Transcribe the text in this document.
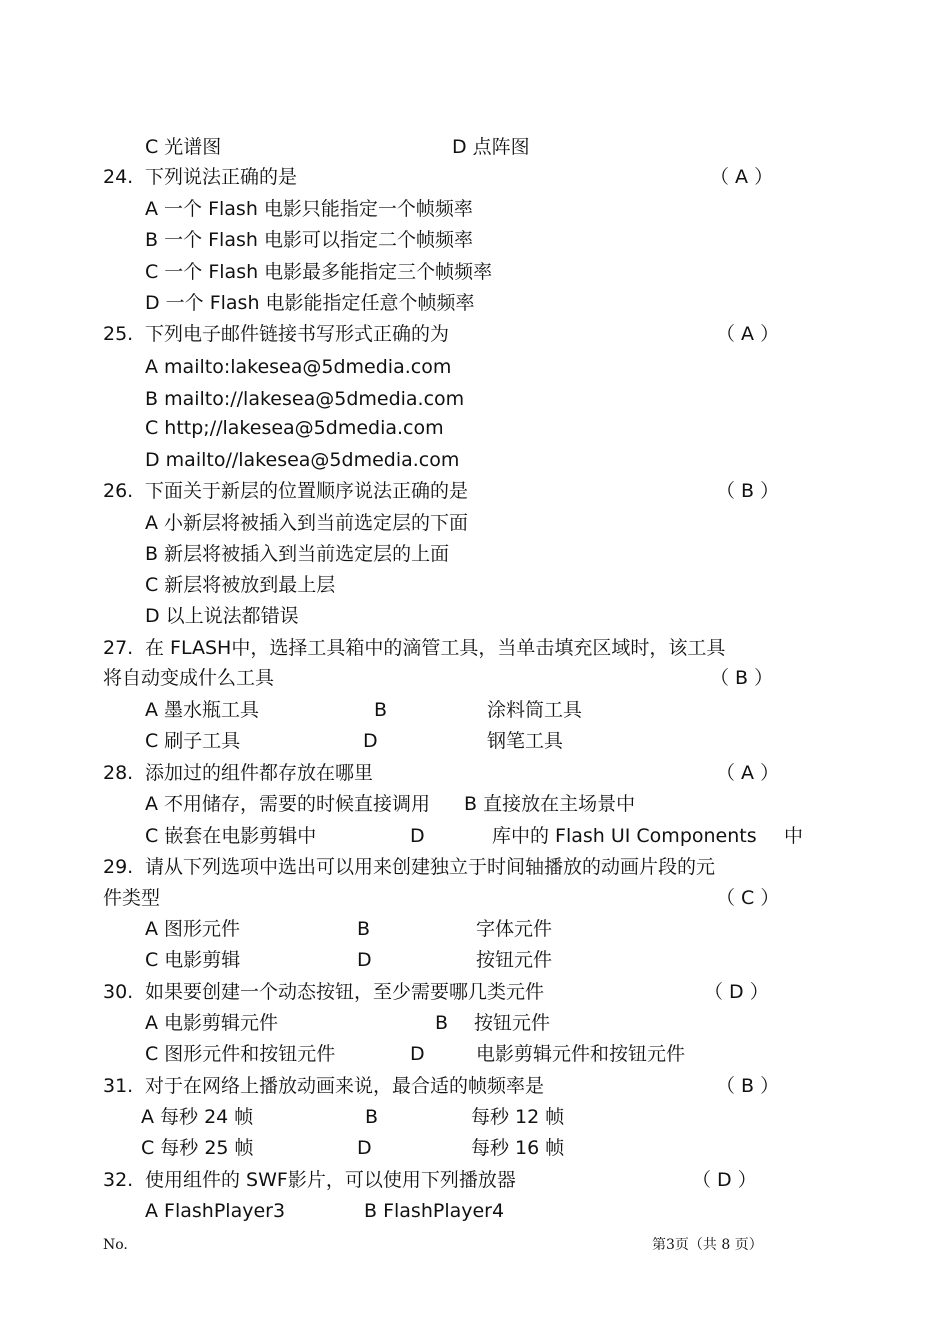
C 光谱图	D 点阵图
24. 下列说法正确的是	（ A ）
A 一个 Flash 电影只能指定一个帧频率
B 一个 Flash 电影可以指定二个帧频率
C 一个 Flash 电影最多能指定三个帧频率
D 一个 Flash 电影能指定任意个帧频率
25. 下列电子邮件链接书写形式正确的为	（ A ）
A mailto:lakesea@5dmedia.com
B mailto://lakesea@5dmedia.com
C http;//lakesea@5dmedia.com
D mailto//lakesea@5dmedia.com
26. 下面关于新层的位置顺序说法正确的是	（ B ）
A 小新层将被插入到当前选定层的下面
B 新层将被插入到当前选定层的上面
C 新层将被放到最上层
D 以上说法都错误
27. 在 FLASH中，选择工具箱中的滴管工具，当单击填充区域时，该工具
将自动变成什么工具	（ B ）
A 墨水瓶工具	B	涂料筒工具
C 刷子工具	D	钢笔工具
28. 添加过的组件都存放在哪里	（ A ）
A 不用储存，需要的时候直接调用 B 直接放在主场景中
C 嵌套在电影剪辑中	D	库中的 Flash UI Components 中
29. 请从下列选项中选出可以用来创建独立于时间轴播放的动画片段的元
件类型	（ C ）
A 图形元件	B	字体元件
C 电影剪辑	D	按钮元件
30. 如果要创建一个动态按钮，至少需要哪几类元件	（ D ）
A 电影剪辑元件	B 按钮元件
C 图形元件和按钮元件	D	电影剪辑元件和按钮元件
31. 对于在网络上播放动画来说，最合适的帧频率是	（ B ）
A 每秒 24 帧	B	每秒 12 帧
C 每秒 25 帧	D	每秒 16 帧
32. 使用组件的 SWF影片，可以使用下列播放器	（ D ）
A FlashPlayer3	B FlashPlayer4
No.	第3页（共 8 页）
